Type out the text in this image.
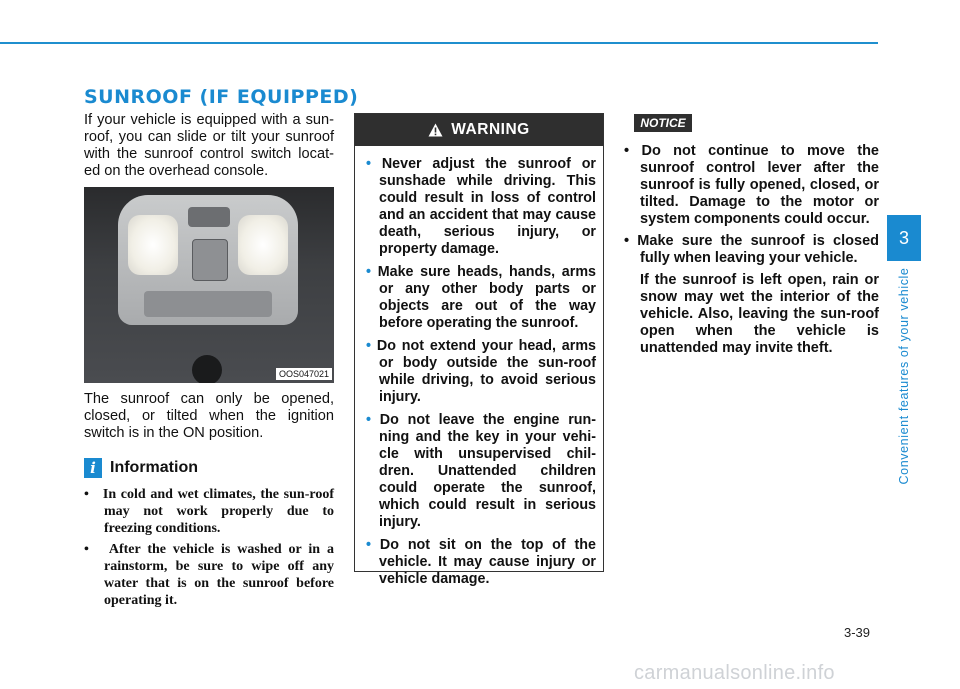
SUNROOF (IF EQUIPPED)

If your vehicle is equipped with a sun-roof, you can slide or tilt your sunroof with the sunroof control switch locat-ed on the overhead console.

OOS047021

The sunroof can only be opened, closed, or tilted when the ignition switch is in the ON position.

i Information
•   In cold and wet climates, the sun-roof may not work properly due to freezing conditions.
•   After the vehicle is washed or in a rainstorm, be sure to wipe off any water that is on the sunroof before operating it.
WARNING
• Never adjust the sunroof or sunshade while driving. This could result in loss of control and an accident that may cause death, serious injury, or property damage.
• Make sure heads, hands, arms or any other body parts or objects are out of the way before operating the sunroof.
• Do not extend your head, arms or body outside the sun-roof while driving, to avoid serious injury.
• Do not leave the engine run-ning and the key in your vehi-cle with unsupervised chil-dren. Unattended children could operate the sunroof, which could result in serious injury.
• Do not sit on the top of the vehicle. It may cause injury or vehicle damage.
NOTICE
• Do not continue to move the sunroof control lever after the sunroof is fully opened, closed, or tilted. Damage to the motor or system components could occur.
• Make sure the sunroof is closed fully when leaving your vehicle.
If the sunroof is left open, rain or snow may wet the interior of the vehicle. Also, leaving the sun-roof open when the vehicle is unattended may invite theft.
3
Convenient features of your vehicle
3-39
carmanualsonline.info
